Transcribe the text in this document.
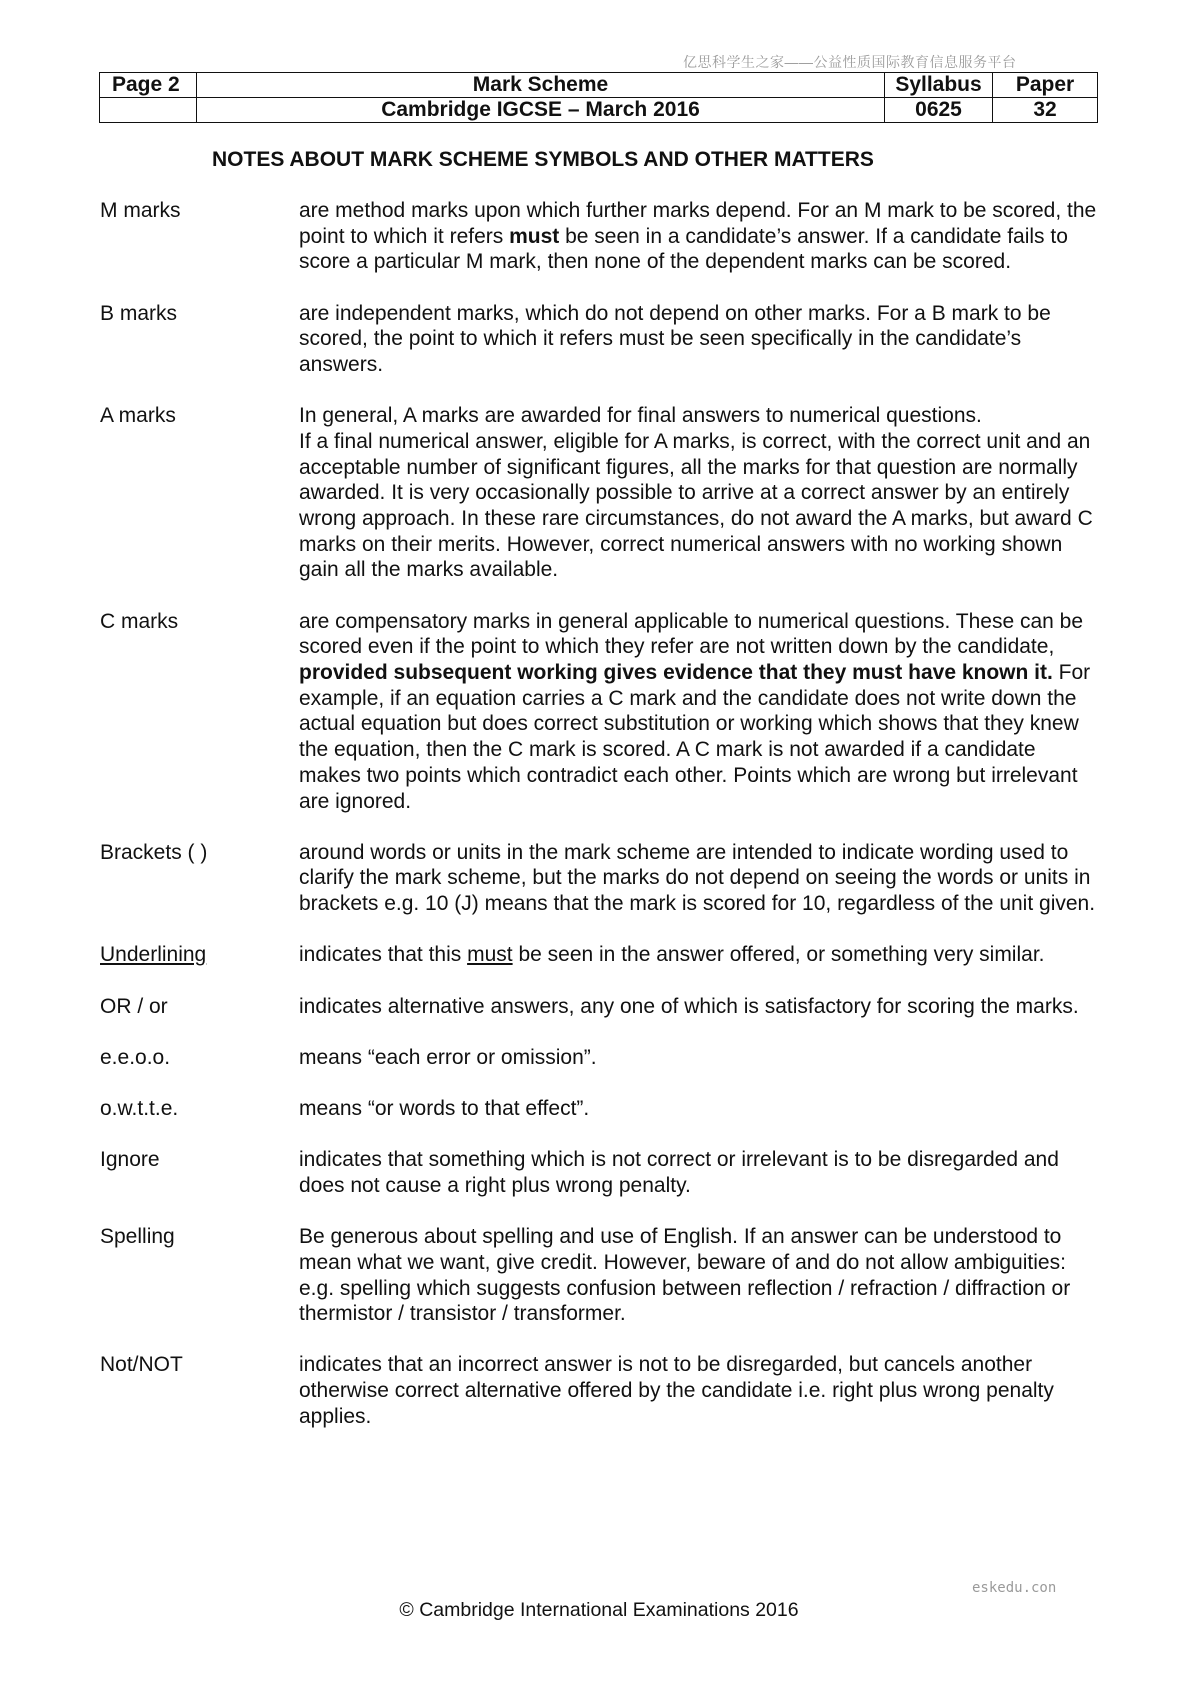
亿思科学生之家——公益性质国际教育信息服务平台
Page 2	Mark Scheme	Syllabus	Paper
	Cambridge IGCSE – March 2016	0625	32
NOTES ABOUT MARK SCHEME SYMBOLS AND OTHER MATTERS
M marks	are method marks upon which further marks depend. For an M mark to be scored, the point to which it refers must be seen in a candidate’s answer. If a candidate fails to score a particular M mark, then none of the dependent marks can be scored.
B marks	are independent marks, which do not depend on other marks. For a B mark to be scored, the point to which it refers must be seen specifically in the candidate’s answers.
A marks	In general, A marks are awarded for final answers to numerical questions.
If a final numerical answer, eligible for A marks, is correct, with the correct unit and an acceptable number of significant figures, all the marks for that question are normally awarded. It is very occasionally possible to arrive at a correct answer by an entirely wrong approach. In these rare circumstances, do not award the A marks, but award C marks on their merits. However, correct numerical answers with no working shown gain all the marks available.
C marks	are compensatory marks in general applicable to numerical questions. These can be scored even if the point to which they refer are not written down by the candidate, provided subsequent working gives evidence that they must have known it. For example, if an equation carries a C mark and the candidate does not write down the actual equation but does correct substitution or working which shows that they knew the equation, then the C mark is scored. A C mark is not awarded if a candidate makes two points which contradict each other. Points which are wrong but irrelevant are ignored.
Brackets ( )	around words or units in the mark scheme are intended to indicate wording used to clarify the mark scheme, but the marks do not depend on seeing the words or units in brackets e.g. 10 (J) means that the mark is scored for 10, regardless of the unit given.
Underlining	indicates that this must be seen in the answer offered, or something very similar.
OR / or	indicates alternative answers, any one of which is satisfactory for scoring the marks.
e.e.o.o.	means “each error or omission”.
o.w.t.t.e.	means “or words to that effect”.
Ignore	indicates that something which is not correct or irrelevant is to be disregarded and does not cause a right plus wrong penalty.
Spelling	Be generous about spelling and use of English. If an answer can be understood to mean what we want, give credit. However, beware of and do not allow ambiguities: e.g. spelling which suggests confusion between reflection / refraction / diffraction or thermistor / transistor / transformer.
Not/NOT	indicates that an incorrect answer is not to be disregarded, but cancels another otherwise correct alternative offered by the candidate i.e. right plus wrong penalty applies.
eskedu.con
© Cambridge International Examinations 2016
